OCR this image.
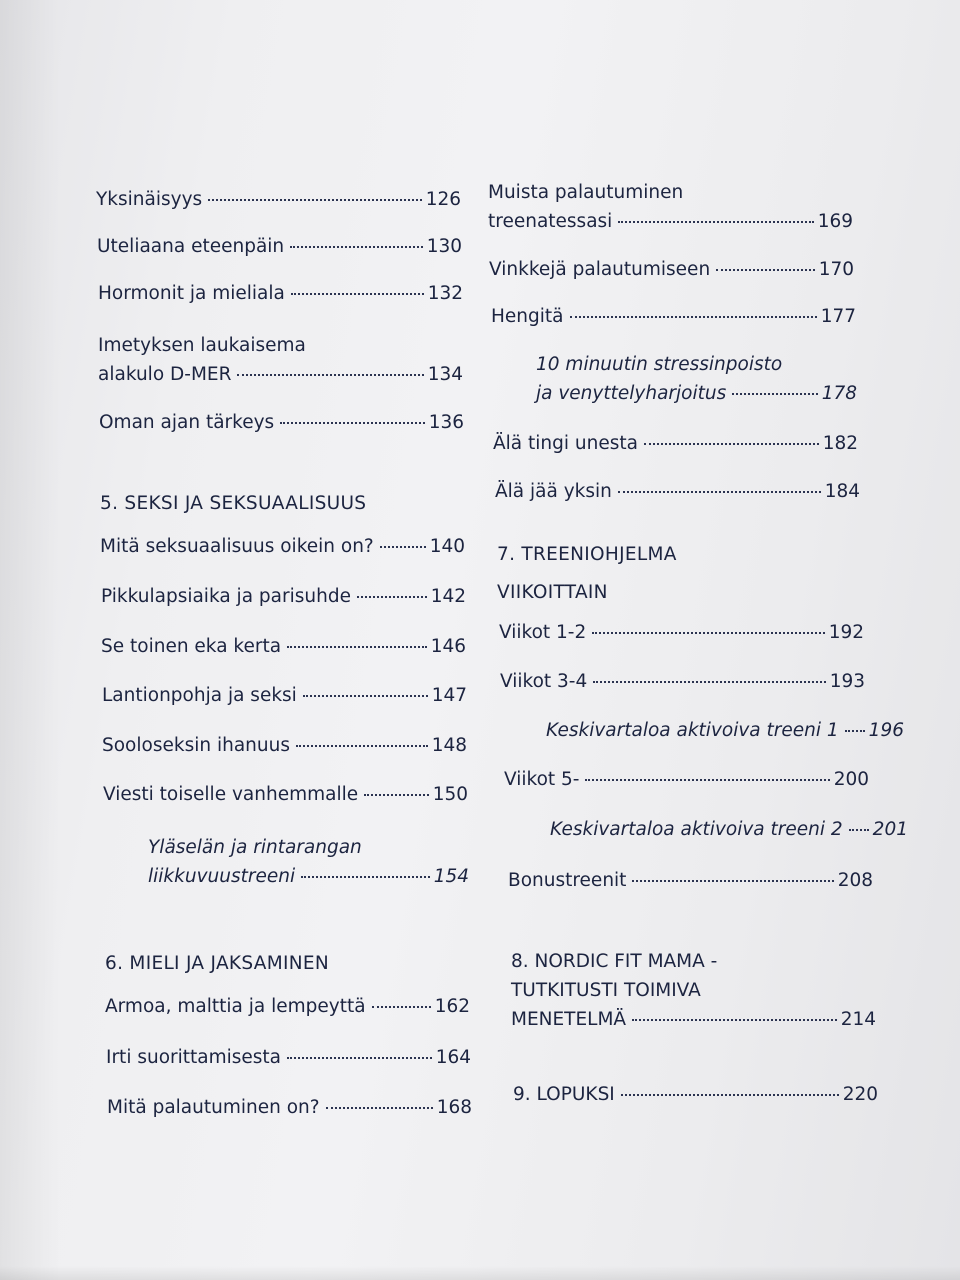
Yksinäisyys	126
Uteliaana eteenpäin	130
Hormonit ja mieliala	132
Imetyksen laukaisema
alakulo D-MER	134
Oman ajan tärkeys	136
5. SEKSI JA SEKSUAALISUUS
Mitä seksuaalisuus oikein on?	140
Pikkulapsiaika ja parisuhde	142
Se toinen eka kerta	146
Lantionpohja ja seksi	147
Sooloseksin ihanuus	148
Viesti toiselle vanhemmalle	150
Yläselän ja rintarangan
liikkuvuustreeni	154
6. MIELI JA JAKSAMINEN
Armoa, malttia ja lempeyttä	162
Irti suorittamisesta	164
Mitä palautuminen on?	168
Muista palautuminen
treenatessasi	169
Vinkkejä palautumiseen	170
Hengitä	177
10 minuutin stressinpoisto
ja venyttelyharjoitus	178
Älä tingi unesta	182
Älä jää yksin	184
7. TREENIOHJELMA
VIIKOITTAIN
Viikot 1-2	192
Viikot 3-4	193
Keskivartaloa aktivoiva treeni 1 196
Viikot 5-	200
Keskivartaloa aktivoiva treeni 2 201
Bonustreenit	208
8. NORDIC FIT MAMA -
TUTKITUSTI TOIMIVA
MENETELMÄ	214
9. LOPUKSI	220
